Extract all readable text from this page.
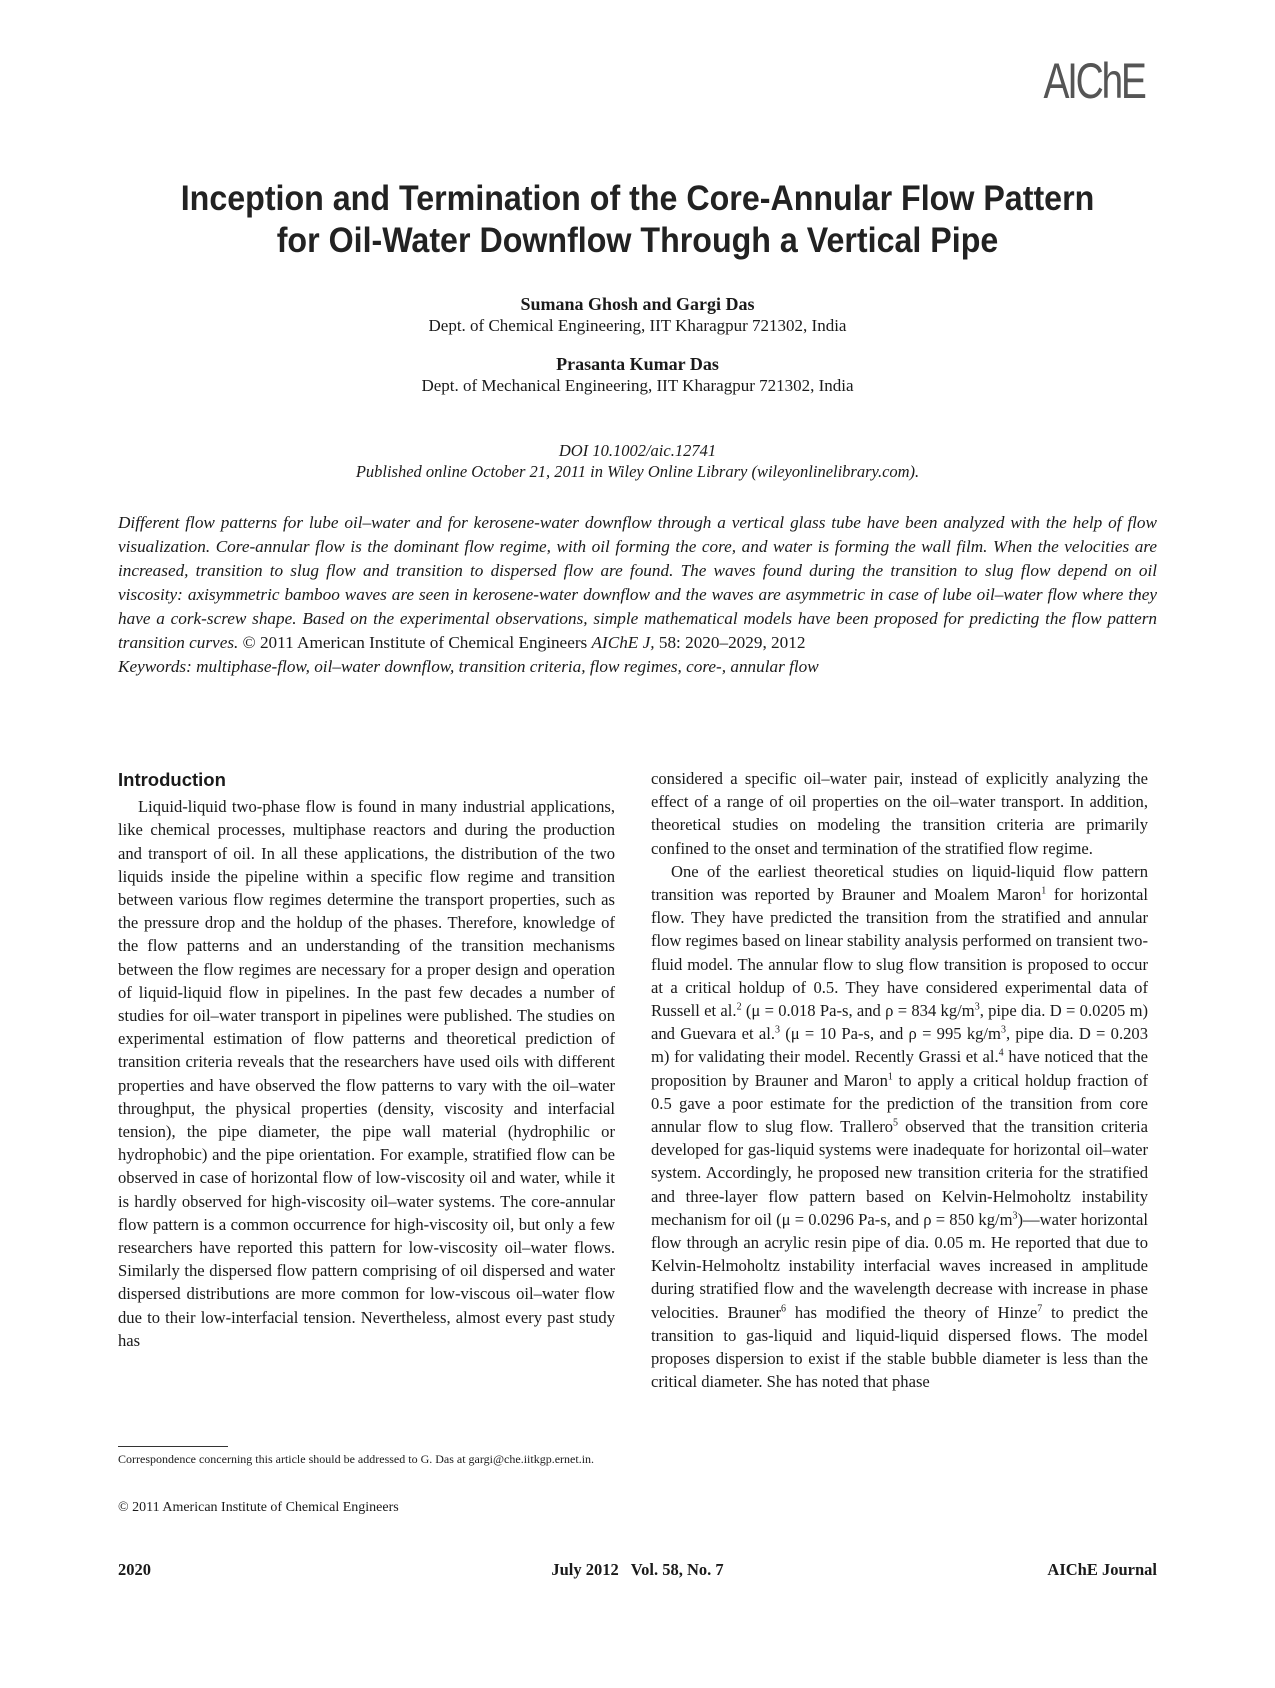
AIChE
Inception and Termination of the Core-Annular Flow Pattern
for Oil-Water Downflow Through a Vertical Pipe

Sumana Ghosh and Gargi Das

Dept. of Chemical Engineering, IIT Kharagpur 721302, India

Prasanta Kumar Das

Dept. of Mechanical Engineering, IIT Kharagpur 721302, India

DOI 10.1002/aic.12741
Published online October 21, 2011 in Wiley Online Library (wileyonlinelibrary.com).

Different flow patterns for lube oil–water and for kerosene-water downflow through a vertical glass tube have been analyzed with the help of flow visualization. Core-annular flow is the dominant flow regime, with oil forming the core, and water is forming the wall film. When the velocities are increased, transition to slug flow and transition to dispersed flow are found. The waves found during the transition to slug flow depend on oil viscosity: axisymmetric bamboo waves are seen in kerosene-water downflow and the waves are asymmetric in case of lube oil–water flow where they have a cork-screw shape. Based on the experimental observations, simple mathematical models have been proposed for predicting the flow pattern transition curves. © 2011 American Institute of Chemical Engineers AIChE J, 58: 2020–2029, 2012

Keywords: multiphase-flow, oil–water downflow, transition criteria, flow regimes, core-, annular flow

Introduction

Liquid-liquid two-phase flow is found in many industrial applications, like chemical processes, multiphase reactors and during the production and transport of oil. In all these applications, the distribution of the two liquids inside the pipeline within a specific flow regime and transition between various flow regimes determine the transport properties, such as the pressure drop and the holdup of the phases. Therefore, knowledge of the flow patterns and an understanding of the transition mechanisms between the flow regimes are necessary for a proper design and operation of liquid-liquid flow in pipelines. In the past few decades a number of studies for oil–water transport in pipelines were published. The studies on experimental estimation of flow patterns and theoretical prediction of transition criteria reveals that the researchers have used oils with different properties and have observed the flow patterns to vary with the oil–water throughput, the physical properties (density, viscosity and interfacial tension), the pipe diameter, the pipe wall material (hydrophilic or hydrophobic) and the pipe orientation. For example, stratified flow can be observed in case of horizontal flow of low-viscosity oil and water, while it is hardly observed for high-viscosity oil–water systems. The core-annular flow pattern is a common occurrence for high-viscosity oil, but only a few researchers have reported this pattern for low-viscosity oil–water flows. Similarly the dispersed flow pattern comprising of oil dispersed and water dispersed distributions are more common for low-viscous oil–water flow due to their low-interfacial tension. Nevertheless, almost every past study has

considered a specific oil–water pair, instead of explicitly analyzing the effect of a range of oil properties on the oil–water transport. In addition, theoretical studies on modeling the transition criteria are primarily confined to the onset and termination of the stratified flow regime.

One of the earliest theoretical studies on liquid-liquid flow pattern transition was reported by Brauner and Moalem Maron$^1$ for horizontal flow. They have predicted the transition from the stratified and annular flow regimes based on linear stability analysis performed on transient two-fluid model. The annular flow to slug flow transition is proposed to occur at a critical holdup of 0.5. They have considered experimental data of Russell et al.$^2$ (μ = 0.018 Pa-s, and ρ = 834 $kg/m^3$, pipe dia. D = 0.0205 m) and Guevara et al.$^3$ (μ = 10 Pa-s, and ρ = 995 $kg/m^3$, pipe dia. D = 0.203 m) for validating their model. Recently Grassi et al.$^4$ have noticed that the proposition by Brauner and Maron$^1$ to apply a critical holdup fraction of 0.5 gave a poor estimate for the prediction of the transition from core annular flow to slug flow. Trallero$^5$ observed that the transition criteria developed for gas-liquid systems were inadequate for horizontal oil–water system. Accordingly, he proposed new transition criteria for the stratified and three-layer flow pattern based on Kelvin-Helmoholtz instability mechanism for oil (μ = 0.0296 Pa-s, and ρ = 850 $kg/m^3)—water$ horizontal flow through an acrylic resin pipe of dia. 0.05 m. He reported that due to Kelvin-Helmoholtz instability interfacial waves increased in amplitude during stratified flow and the wavelength decrease with increase in phase velocities. Brauner$^6$ has modified the theory of Hinze$^7$ to predict the transition to gas-liquid and liquid-liquid dispersed flows. The model proposes dispersion to exist if the stable bubble diameter is less than the critical diameter. She has noted that phase

Correspondence concerning this article should be addressed to G. Das at gargi@che.iitkgp.ernet.in.
© 2011 American Institute of Chemical Engineers
2020	July 2012   Vol. 58, No. 7	AIChE Journal
